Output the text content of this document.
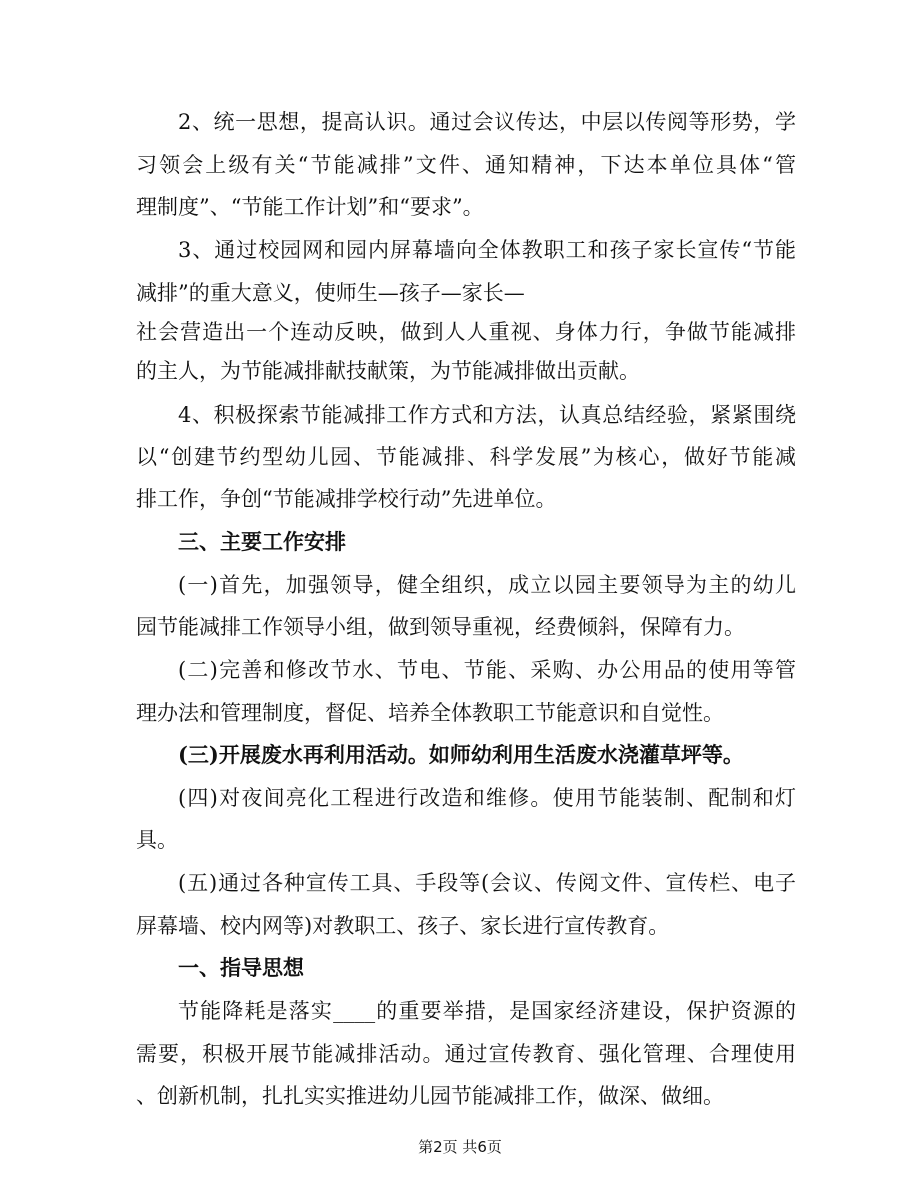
2、统一思想，提高认识。通过会议传达，中层以传阅等形势，学
习领会上级有关“节能减排”文件、通知精神，下达本单位具体“管
理制度”、“节能工作计划”和“要求”。
3、通过校园网和园内屏幕墙向全体教职工和孩子家长宣传“节能
减排”的重大意义，使师生—孩子—家长—
社会营造出一个连动反映，做到人人重视、身体力行，争做节能减排
的主人，为节能减排献技献策，为节能减排做出贡献。
4、积极探索节能减排工作方式和方法，认真总结经验，紧紧围绕
以“创建节约型幼儿园、节能减排、科学发展”为核心，做好节能减
排工作，争创“节能减排学校行动”先进单位。
三、主要工作安排
(一)首先，加强领导，健全组织，成立以园主要领导为主的幼儿
园节能减排工作领导小组，做到领导重视，经费倾斜，保障有力。
(二)完善和修改节水、节电、节能、采购、办公用品的使用等管
理办法和管理制度，督促、培养全体教职工节能意识和自觉性。
(三)开展废水再利用活动。如师幼利用生活废水浇灌草坪等。
(四)对夜间亮化工程进行改造和维修。使用节能装制、配制和灯
具。
(五)通过各种宣传工具、手段等(会议、传阅文件、宣传栏、电子
屏幕墙、校内网等)对教职工、孩子、家长进行宣传教育。
一、指导思想
节能降耗是落实____的重要举措，是国家经济建设，保护资源的
需要，积极开展节能减排活动。通过宣传教育、强化管理、合理使用
、创新机制，扎扎实实推进幼儿园节能减排工作，做深、做细。
第2页 共6页
